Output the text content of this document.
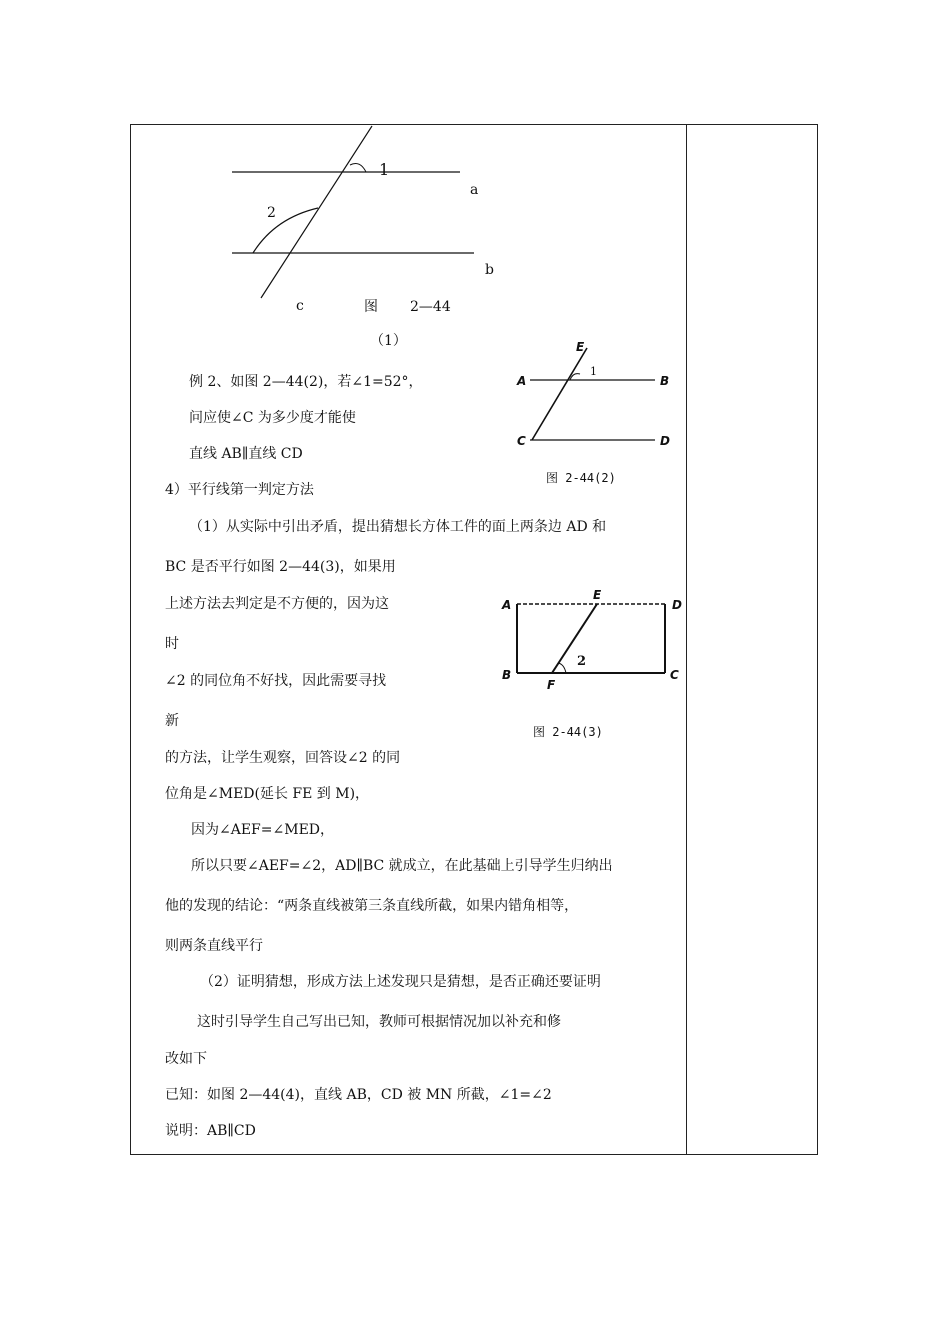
1
2
a
b
c	图 2—44
（1）	E
A	B
1
C	D
图 2-44(2)
A
E
D
B
2
F
C
图 2-44(3)
例 2、如图 2—44(2)，若∠1=52°，
问应使∠C 为多少度才能使
直线 AB∥直线 CD
4）平行线第一判定方法
（1）从实际中引出矛盾，提出猜想长方体工件的面上两条边 AD 和
BC 是否平行如图 2—44(3)，如果用
上述方法去判定是不方便的，因为这
时
∠2 的同位角不好找，因此需要寻找
新
的方法，让学生观察，回答设∠2 的同
位角是∠MED(延长 FE 到 M)，
因为∠AEF=∠MED，
所以只要∠AEF=∠2，AD∥BC 就成立，在此基础上引导学生归纳出
他的发现的结论：“两条直线被第三条直线所截，如果内错角相等，
则两条直线平行
（2）证明猜想，形成方法上述发现只是猜想，是否正确还要证明
这时引导学生自己写出已知，教师可根据情况加以补充和修
改如下
已知：如图 2—44(4)，直线 AB，CD 被 MN 所截，∠1=∠2
说明：AB∥CD
